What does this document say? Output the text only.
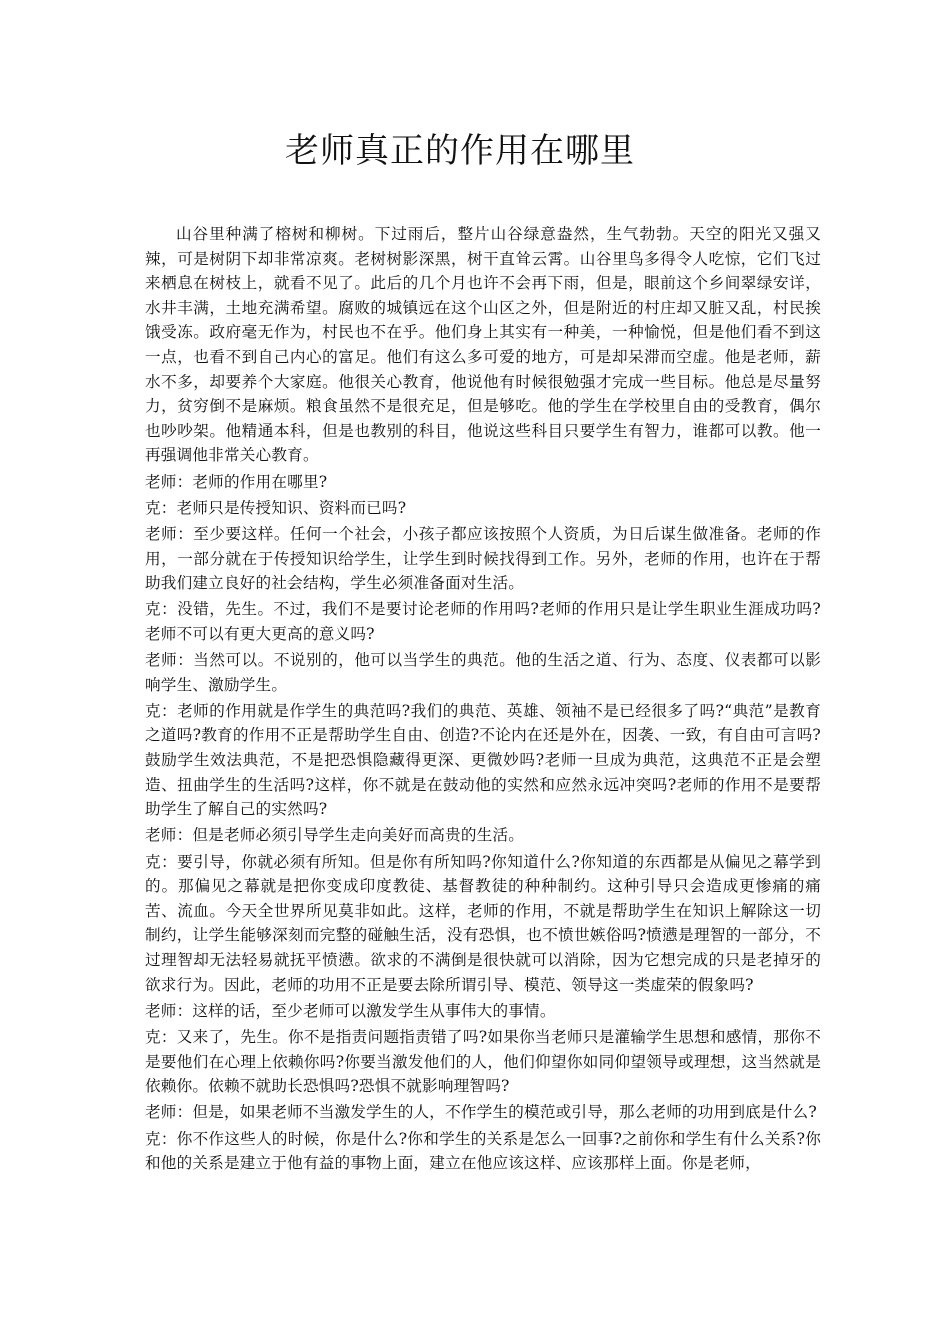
老师真正的作用在哪里

山谷里种满了榕树和柳树。下过雨后，整片山谷绿意盎然，生气勃勃。天空的阳光又强又辣，可是树阴下却非常凉爽。老树树影深黑，树干直耸云霄。山谷里鸟多得令人吃惊，它们飞过来栖息在树枝上，就看不见了。此后的几个月也许不会再下雨，但是，眼前这个乡间翠绿安详，水井丰满，土地充满希望。腐败的城镇远在这个山区之外，但是附近的村庄却又脏又乱，村民挨饿受冻。政府毫无作为，村民也不在乎。他们身上其实有一种美，一种愉悦，但是他们看不到这一点，也看不到自己内心的富足。他们有这么多可爱的地方，可是却呆滞而空虚。他是老师，薪水不多，却要养个大家庭。他很关心教育，他说他有时候很勉强才完成一些目标。他总是尽量努力，贫穷倒不是麻烦。粮食虽然不是很充足，但是够吃。他的学生在学校里自由的受教育，偶尔也吵吵架。他精通本科，但是也教别的科目，他说这些科目只要学生有智力，谁都可以教。他一再强调他非常关心教育。

老师：老师的作用在哪里?

克：老师只是传授知识、资料而已吗?

老师：至少要这样。任何一个社会，小孩子都应该按照个人资质，为日后谋生做准备。老师的作用，一部分就在于传授知识给学生，让学生到时候找得到工作。另外，老师的作用，也许在于帮助我们建立良好的社会结构，学生必须准备面对生活。

克：没错，先生。不过，我们不是要讨论老师的作用吗?老师的作用只是让学生职业生涯成功吗?老师不可以有更大更高的意义吗?

老师：当然可以。不说别的，他可以当学生的典范。他的生活之道、行为、态度、仪表都可以影响学生、激励学生。

克：老师的作用就是作学生的典范吗?我们的典范、英雄、领袖不是已经很多了吗?“典范”是教育之道吗?教育的作用不正是帮助学生自由、创造?不论内在还是外在，因袭、一致，有自由可言吗?鼓励学生效法典范，不是把恐惧隐藏得更深、更微妙吗?老师一旦成为典范，这典范不正是会塑造、扭曲学生的生活吗?这样，你不就是在鼓动他的实然和应然永远冲突吗?老师的作用不是要帮助学生了解自己的实然吗?

老师：但是老师必须引导学生走向美好而高贵的生活。

克：要引导，你就必须有所知。但是你有所知吗?你知道什么?你知道的东西都是从偏见之幕学到的。那偏见之幕就是把你变成印度教徒、基督教徒的种种制约。这种引导只会造成更惨痛的痛苦、流血。今天全世界所见莫非如此。这样，老师的作用，不就是帮助学生在知识上解除这一切制约，让学生能够深刻而完整的碰触生活，没有恐惧，也不愤世嫉俗吗?愤懑是理智的一部分，不过理智却无法轻易就抚平愤懑。欲求的不满倒是很快就可以消除，因为它想完成的只是老掉牙的欲求行为。因此，老师的功用不正是要去除所谓引导、模范、领导这一类虚荣的假象吗?

老师：这样的话，至少老师可以激发学生从事伟大的事情。

克：又来了，先生。你不是指责问题指责错了吗?如果你当老师只是灌输学生思想和感情，那你不是要他们在心理上依赖你吗?你要当激发他们的人，他们仰望你如同仰望领导或理想，这当然就是依赖你。依赖不就助长恐惧吗?恐惧不就影响理智吗?

老师：但是，如果老师不当激发学生的人，不作学生的模范或引导，那么老师的功用到底是什么?

克：你不作这些人的时候，你是什么?你和学生的关系是怎么一回事?之前你和学生有什么关系?你和他的关系是建立于他有益的事物上面，建立在他应该这样、应该那样上面。你是老师，
